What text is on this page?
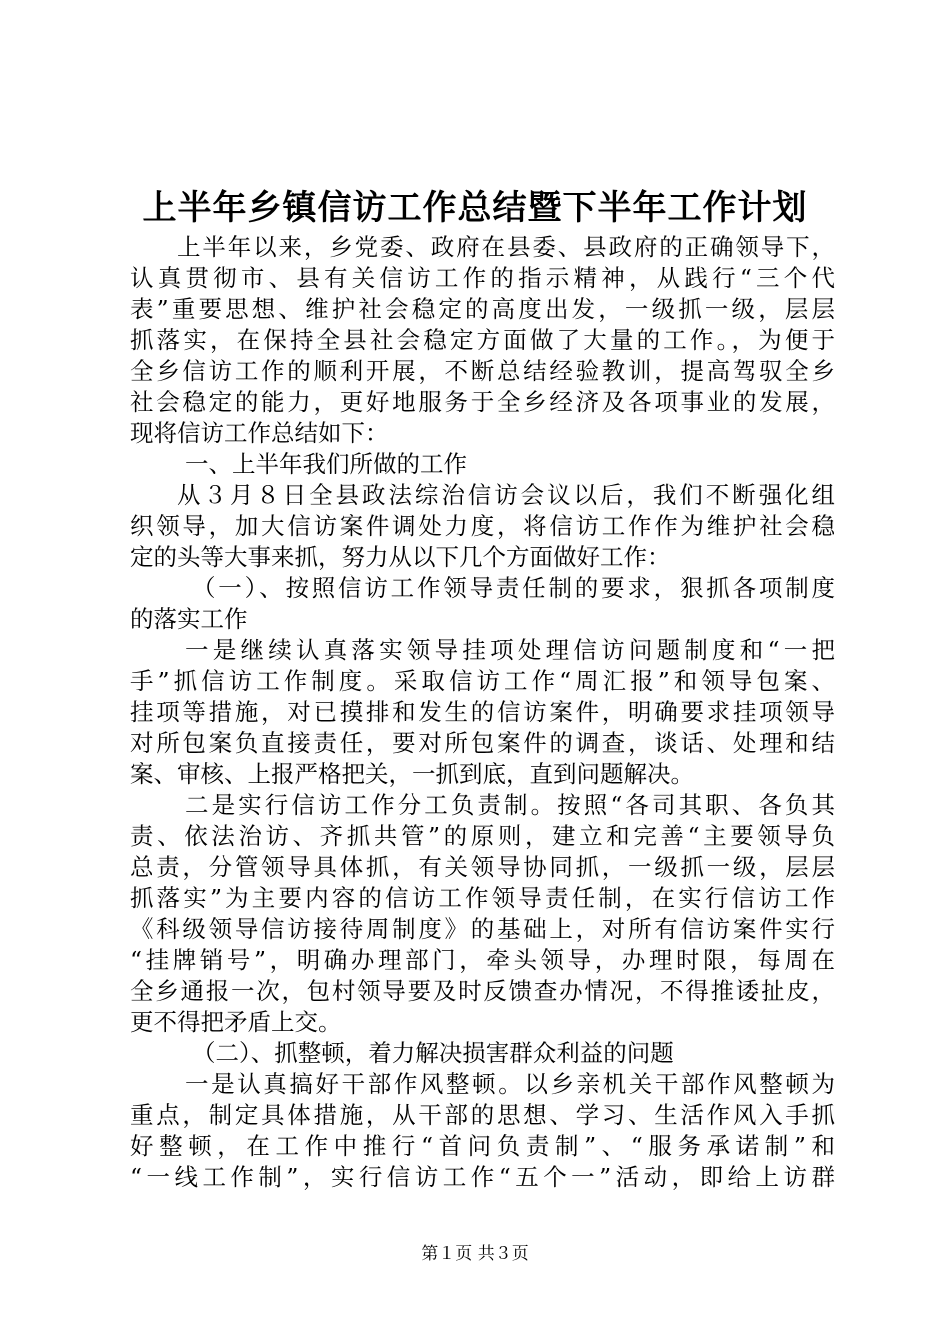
上半年乡镇信访工作总结暨下半年工作计划
上半年以来，乡党委、政府在县委、县政府的正确领导下，
认真贯彻市、县有关信访工作的指示精神，从践行“三个代
表”重要思想、维护社会稳定的高度出发，一级抓一级，层层
抓落实，在保持全县社会稳定方面做了大量的工作。，为便于
全乡信访工作的顺利开展，不断总结经验教训，提高驾驭全乡
社会稳定的能力，更好地服务于全乡经济及各项事业的发展，
现将信访工作总结如下：
一、上半年我们所做的工作
从３月８日全县政法综治信访会议以后，我们不断强化组
织领导，加大信访案件调处力度，将信访工作作为维护社会稳
定的头等大事来抓，努力从以下几个方面做好工作：
（一）、按照信访工作领导责任制的要求，狠抓各项制度
的落实工作
一是继续认真落实领导挂项处理信访问题制度和“一把
手”抓信访工作制度。采取信访工作“周汇报”和领导包案、
挂项等措施，对已摸排和发生的信访案件，明确要求挂项领导
对所包案负直接责任，要对所包案件的调查，谈话、处理和结
案、审核、上报严格把关，一抓到底，直到问题解决。
二是实行信访工作分工负责制。按照“各司其职、各负其
责、依法治访、齐抓共管”的原则，建立和完善“主要领导负
总责，分管领导具体抓，有关领导协同抓，一级抓一级，层层
抓落实”为主要内容的信访工作领导责任制，在实行信访工作
《科级领导信访接待周制度》的基础上，对所有信访案件实行
“挂牌销号”，明确办理部门，牵头领导，办理时限，每周在
全乡通报一次，包村领导要及时反馈查办情况，不得推诿扯皮，
更不得把矛盾上交。
（二）、抓整顿，着力解决损害群众利益的问题
一是认真搞好干部作风整顿。以乡亲机关干部作风整顿为
重点，制定具体措施，从干部的思想、学习、生活作风入手抓
好整顿，在工作中推行“首问负责制”、“服务承诺制”和
“一线工作制”，实行信访工作“五个一”活动，即给上访群
第１页 共３页
